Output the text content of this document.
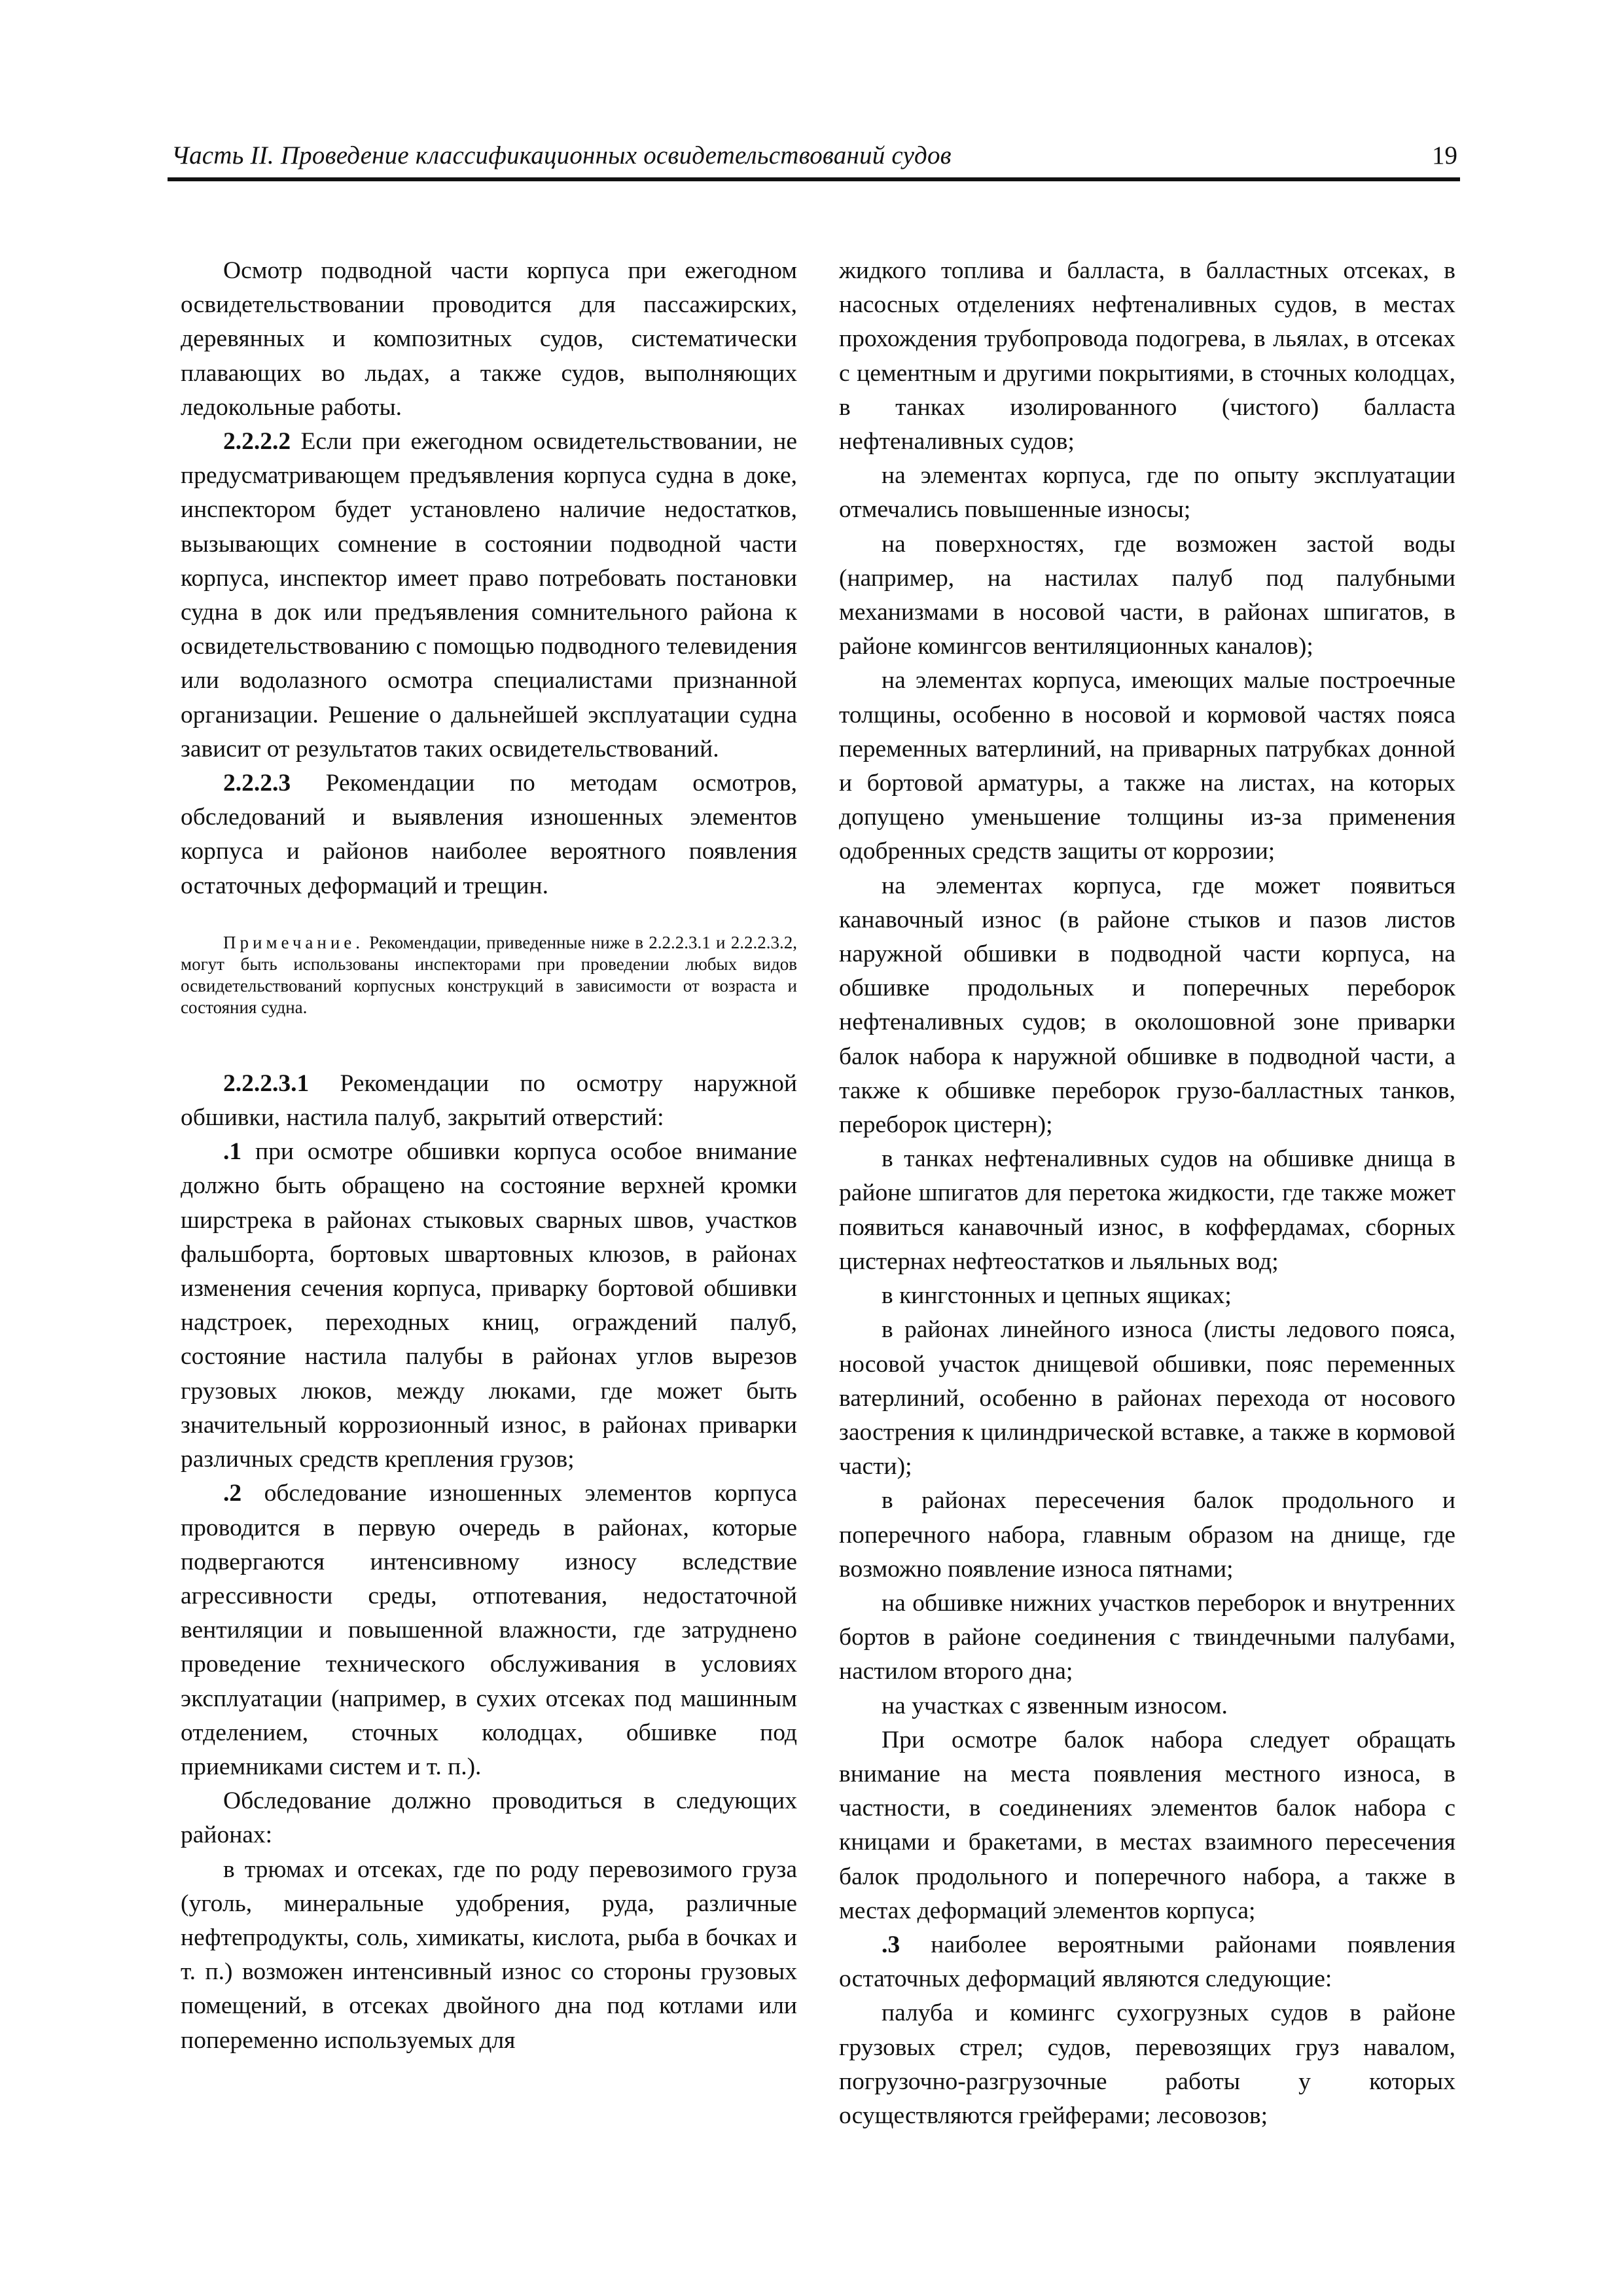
Часть II. Проведение классификационных освидетельствований судов	19

Осмотр подводной части корпуса при ежегодном освидетельствовании проводится для пассажирских, деревянных и композитных судов, систематически плавающих во льдах, а также судов, выполняющих ледокольные работы.

2.2.2.2 Если при ежегодном освидетельствовании, не предусматривающем предъявления корпуса судна в доке, инспектором будет установлено наличие недостатков, вызывающих сомнение в состоянии подводной части корпуса, инспектор имеет право потребовать постановки судна в док или предъявления сомнительного района к освидетельствованию с помощью подводного телевидения или водолазного осмотра специалистами признанной организации. Решение о дальнейшей эксплуатации судна зависит от результатов таких освидетельствований.

2.2.2.3 Рекомендации по методам осмотров, обследований и выявления изношенных элементов корпуса и районов наиболее вероятного появления остаточных деформаций и трещин.

Примечание. Рекомендации, приведенные ниже в 2.2.2.3.1 и 2.2.2.3.2, могут быть использованы инспекторами при проведении любых видов освидетельствований корпусных конструкций в зависимости от возраста и состояния судна.

2.2.2.3.1 Рекомендации по осмотру наружной обшивки, настила палуб, закрытий отверстий:

.1 при осмотре обшивки корпуса особое внимание должно быть обращено на состояние верхней кромки ширстрека в районах стыковых сварных швов, участков фальшборта, бортовых швартовных клюзов, в районах изменения сечения корпуса, приварку бортовой обшивки надстроек, переходных книц, ограждений палуб, состояние настила палубы в районах углов вырезов грузовых люков, между люками, где может быть значительный коррозионный износ, в районах приварки различных средств крепления грузов;

.2 обследование изношенных элементов корпуса проводится в первую очередь в районах, которые подвергаются интенсивному износу вследствие агрессивности среды, отпотевания, недостаточной вентиляции и повышенной влажности, где затруднено проведение технического обслуживания в условиях эксплуатации (например, в сухих отсеках под машинным отделением, сточных колодцах, обшивке под приемниками систем и т. п.).

Обследование должно проводиться в следующих районах:

в трюмах и отсеках, где по роду перевозимого груза (уголь, минеральные удобрения, руда, различные нефтепродукты, соль, химикаты, кислота, рыба в бочках и т. п.) возможен интенсивный износ со стороны грузовых помещений, в отсеках двойного дна под котлами или попеременно используемых для

жидкого топлива и балласта, в балластных отсеках, в насосных отделениях нефтеналивных судов, в местах прохождения трубопровода подогрева, в льялах, в отсеках с цементным и другими покрытиями, в сточных колодцах, в танках изолированного (чистого) балласта нефтеналивных судов;

на элементах корпуса, где по опыту эксплуатации отмечались повышенные износы;

на поверхностях, где возможен застой воды (например, на настилах палуб под палубными механизмами в носовой части, в районах шпигатов, в районе комингсов вентиляционных каналов);

на элементах корпуса, имеющих малые построечные толщины, особенно в носовой и кормовой частях пояса переменных ватерлиний, на приварных патрубках донной и бортовой арматуры, а также на листах, на которых допущено уменьшение толщины из-за применения одобренных средств защиты от коррозии;

на элементах корпуса, где может появиться канавочный износ (в районе стыков и пазов листов наружной обшивки в подводной части корпуса, на обшивке продольных и поперечных переборок нефтеналивных судов; в околошовной зоне приварки балок набора к наружной обшивке в подводной части, а также к обшивке переборок грузо-балластных танков, переборок цистерн);

в танках нефтеналивных судов на обшивке днища в районе шпигатов для перетока жидкости, где также может появиться канавочный износ, в коффердамах, сборных цистернах нефтеостатков и льяльных вод;

в кингстонных и цепных ящиках;

в районах линейного износа (листы ледового пояса, носовой участок днищевой обшивки, пояс переменных ватерлиний, особенно в районах перехода от носового заострения к цилиндрической вставке, а также в кормовой части);

в районах пересечения балок продольного и поперечного набора, главным образом на днище, где возможно появление износа пятнами;

на обшивке нижних участков переборок и внутренних бортов в районе соединения с твиндечными палубами, настилом второго дна;

на участках с язвенным износом.

При осмотре балок набора следует обращать внимание на места появления местного износа, в частности, в соединениях элементов балок набора с кницами и бракетами, в местах взаимного пересечения балок продольного и поперечного набора, а также в местах деформаций элементов корпуса;

.3 наиболее вероятными районами появления остаточных деформаций являются следующие:

палуба и комингс сухогрузных судов в районе грузовых стрел; судов, перевозящих груз навалом, погрузочно-разгрузочные работы у которых осуществляются грейферами; лесовозов;
